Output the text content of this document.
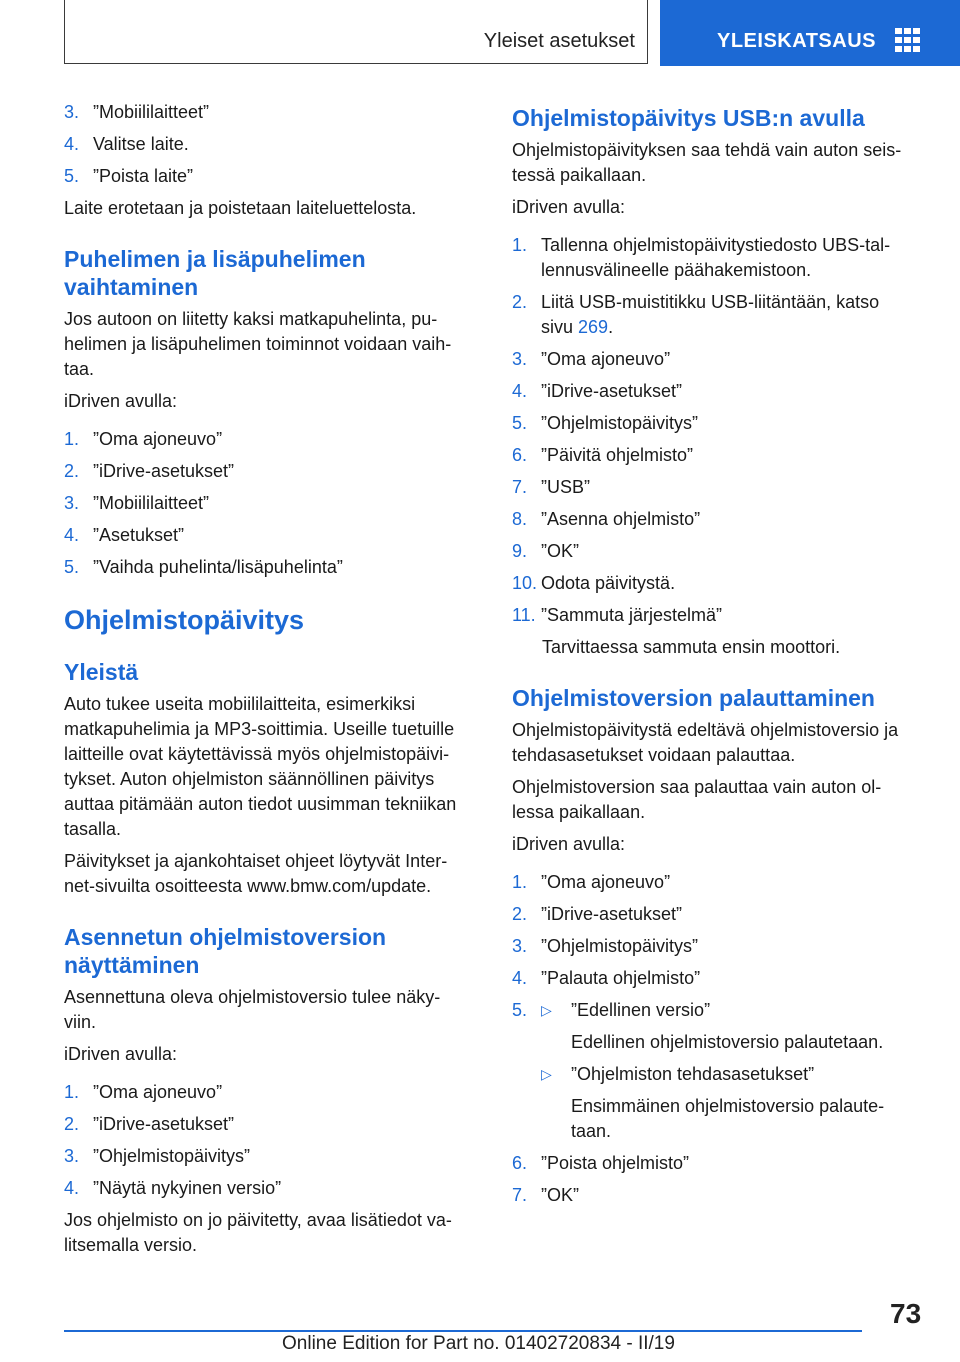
Yleiset asetukset	YLEISKATSAUS
3. ”Mobiililaitteet”
4. Valitse laite.
5. ”Poista laite”

Laite erotetaan ja poistetaan laiteluettelosta.

Puhelimen ja lisäpuhelimen
vaihtaminen

Jos autoon on liitetty kaksi matkapuhelinta, pu-
helimen ja lisäpuhelimen toiminnot voidaan vaih-
taa.

iDriven avulla:

1. ”Oma ajoneuvo”
2. ”iDrive-asetukset”
3. ”Mobiililaitteet”
4. ”Asetukset”
5. ”Vaihda puhelinta/lisäpuhelinta”
Ohjelmistopäivitys
Yleistä

Auto tukee useita mobiililaitteita, esimerkiksi
matkapuhelimia ja MP3-soittimia. Useille tuetuille
laitteille ovat käytettävissä myös ohjelmistopäivi-
tykset. Auton ohjelmiston säännöllinen päivitys
auttaa pitämään auton tiedot uusimman tekniikan
tasalla.

Päivitykset ja ajankohtaiset ohjeet löytyvät Inter-
net-sivuilta osoitteesta www.bmw.com/update.

Asennetun ohjelmistoversion
näyttäminen

Asennettuna oleva ohjelmistoversio tulee näky-
viin.

iDriven avulla:

1. ”Oma ajoneuvo”
2. ”iDrive-asetukset”
3. ”Ohjelmistopäivitys”
4. ”Näytä nykyinen versio”

Jos ohjelmisto on jo päivitetty, avaa lisätiedot va-
litsemalla versio.

Ohjelmistopäivitys USB:n avulla

Ohjelmistopäivityksen saa tehdä vain auton seis-
tessä paikallaan.

iDriven avulla:

1. Tallenna ohjelmistopäivitystiedosto UBS-tal-
lennusvälineelle päähakemistoon.
2. Liitä USB-muistitikku USB-liitäntään, katso
sivu 269.
3. ”Oma ajoneuvo”
4. ”iDrive-asetukset”
5. ”Ohjelmistopäivitys”
6. ”Päivitä ohjelmisto”
7. ”USB”
8. ”Asenna ohjelmisto”
9. ”OK”
10. Odota päivitystä.
11. ”Sammuta järjestelmä”

Tarvittaessa sammuta ensin moottori.

Ohjelmistoversion palauttaminen

Ohjelmistopäivitystä edeltävä ohjelmistoversio ja
tehdasasetukset voidaan palauttaa.

Ohjelmistoversion saa palauttaa vain auton ol-
lessa paikallaan.

iDriven avulla:

1. ”Oma ajoneuvo”
2. ”iDrive-asetukset”
3. ”Ohjelmistopäivitys”
4. ”Palauta ohjelmisto”
5. ▷ ”Edellinen versio”
Edellinen ohjelmistoversio palautetaan.
▷ ”Ohjelmiston tehdasasetukset”
Ensimmäinen ohjelmistoversio palaute-
taan.
6. ”Poista ohjelmisto”
7. ”OK”
73
Online Edition for Part no. 01402720834 - II/19
